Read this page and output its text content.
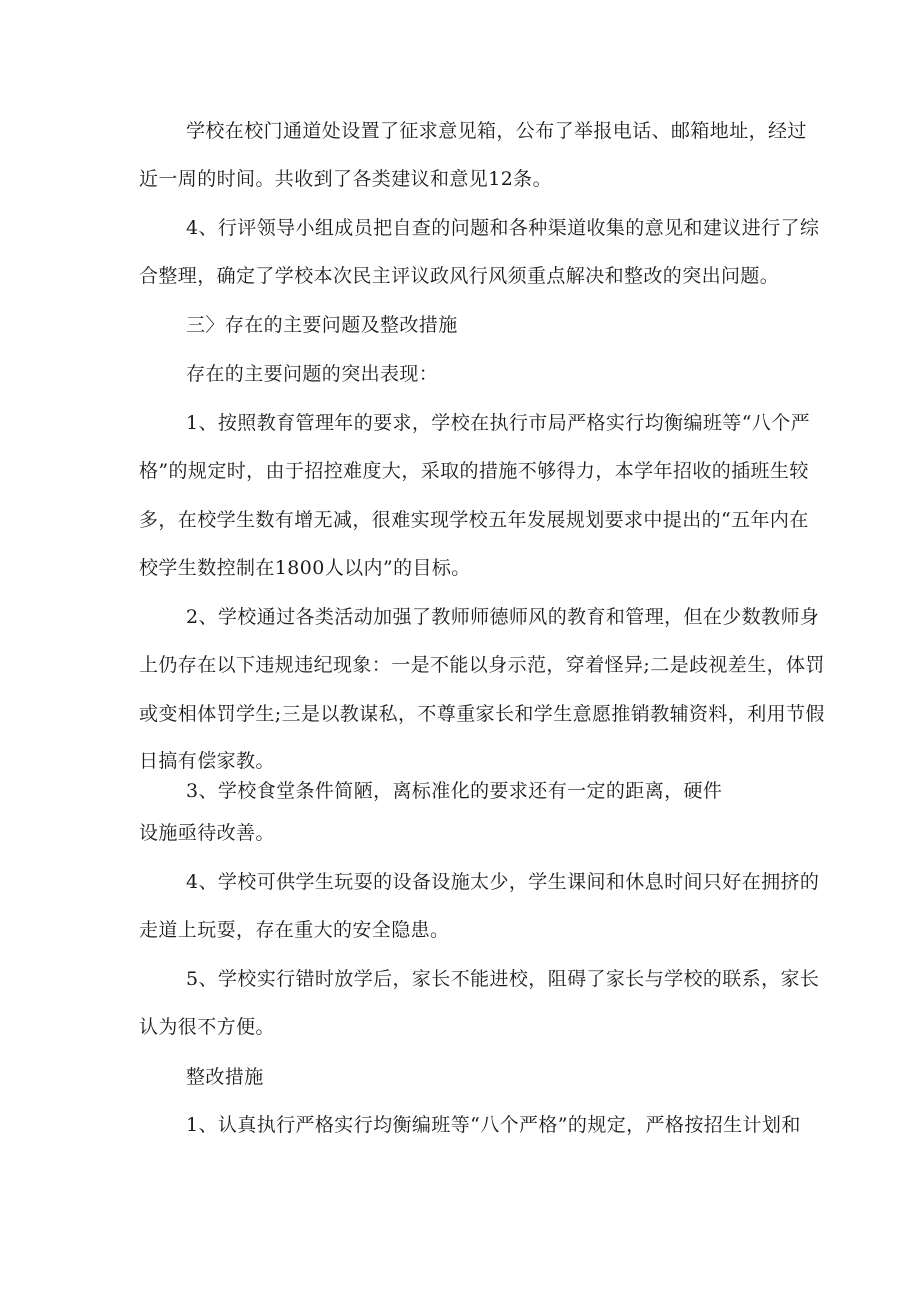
学校在校门通道处设置了征求意见箱，公布了举报电话、邮箱地址，经过
近一周的时间。共收到了各类建议和意见12条。
4、行评领导小组成员把自查的问题和各种渠道收集的意见和建议进行了综
合整理，确定了学校本次民主评议政风行风须重点解决和整改的突出问题。
三〉存在的主要问题及整改措施
存在的主要问题的突出表现：
1、按照教育管理年的要求，学校在执行市局严格实行均衡编班等“八个严
格”的规定时，由于招控难度大，采取的措施不够得力，本学年招收的插班生较
多，在校学生数有增无减，很难实现学校五年发展规划要求中提出的“五年内在
校学生数控制在1800人以内”的目标。
2、学校通过各类活动加强了教师师德师风的教育和管理，但在少数教师身
上仍存在以下违规违纪现象：一是不能以身示范，穿着怪异;二是歧视差生，体罚
或变相体罚学生;三是以教谋私，不尊重家长和学生意愿推销教辅资料，利用节假
日搞有偿家教。
3、学校食堂条件简陋，离标准化的要求还有一定的距离，硬件
设施亟待改善。
4、学校可供学生玩耍的设备设施太少，学生课间和休息时间只好在拥挤的
走道上玩耍，存在重大的安全隐患。
5、学校实行错时放学后，家长不能进校，阻碍了家长与学校的联系，家长
认为很不方便。
整改措施
1、认真执行严格实行均衡编班等“八个严格”的规定，严格按招生计划和
